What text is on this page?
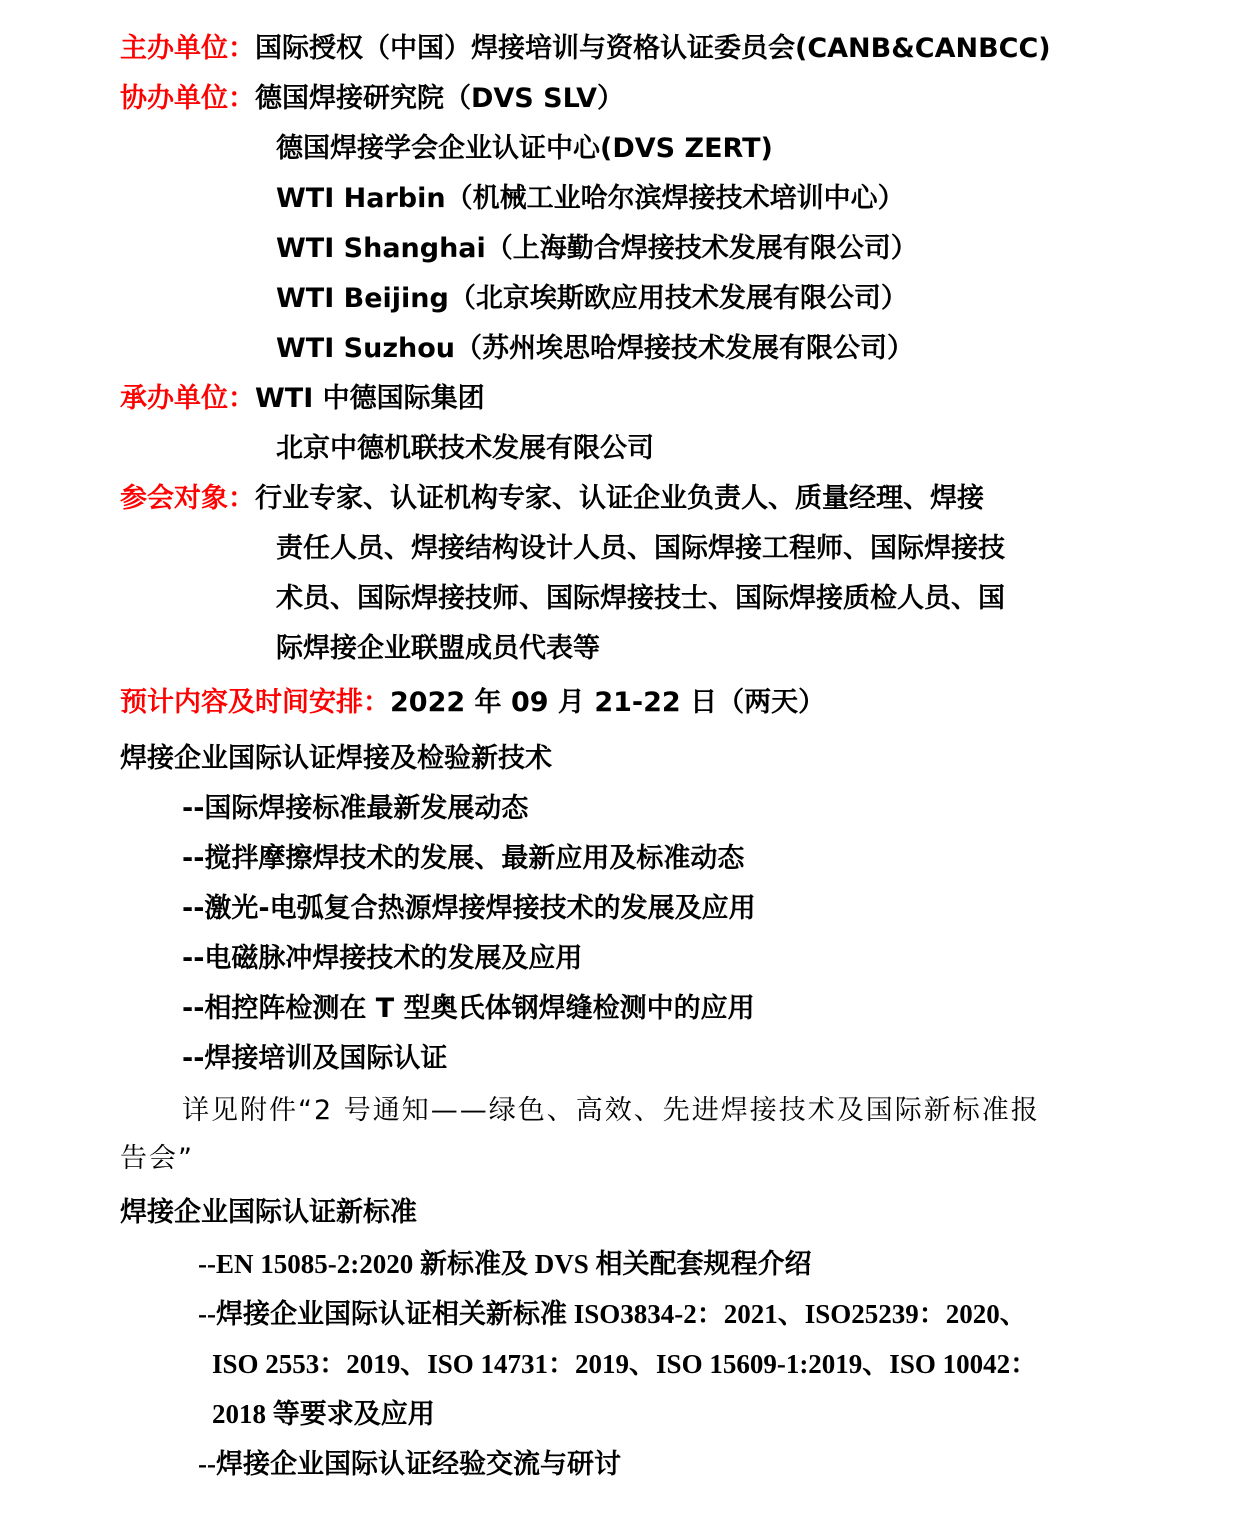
主办单位：国际授权（中国）焊接培训与资格认证委员会(CANB&CANBCC)
协办单位：德国焊接研究院（DVS SLV）
德国焊接学会企业认证中心(DVS ZERT)
WTI Harbin（机械工业哈尔滨焊接技术培训中心）
WTI Shanghai（上海勤合焊接技术发展有限公司）
WTI Beijing（北京埃斯欧应用技术发展有限公司）
WTI Suzhou（苏州埃思哈焊接技术发展有限公司）
承办单位：WTI 中德国际集团
北京中德机联技术发展有限公司
参会对象：行业专家、认证机构专家、认证企业负责人、质量经理、焊接
责任人员、焊接结构设计人员、国际焊接工程师、国际焊接技
术员、国际焊接技师、国际焊接技士、国际焊接质检人员、国
际焊接企业联盟成员代表等
预计内容及时间安排：2022 年 09 月 21-22 日（两天）
焊接企业国际认证焊接及检验新技术
--国际焊接标准最新发展动态
--搅拌摩擦焊技术的发展、最新应用及标准动态
--激光-电弧复合热源焊接焊接技术的发展及应用
--电磁脉冲焊接技术的发展及应用
--相控阵检测在 T 型奥氏体钢焊缝检测中的应用
--焊接培训及国际认证
详见附件“2 号通知——绿色、高效、先进焊接技术及国际新标准报
告会”
焊接企业国际认证新标准
--EN 15085-2:2020 新标准及 DVS 相关配套规程介绍
--焊接企业国际认证相关新标准 ISO3834-2：2021、ISO25239：2020、
ISO 2553：2019、ISO 14731：2019、ISO 15609-1:2019、ISO 10042：
2018 等要求及应用
--焊接企业国际认证经验交流与研讨
